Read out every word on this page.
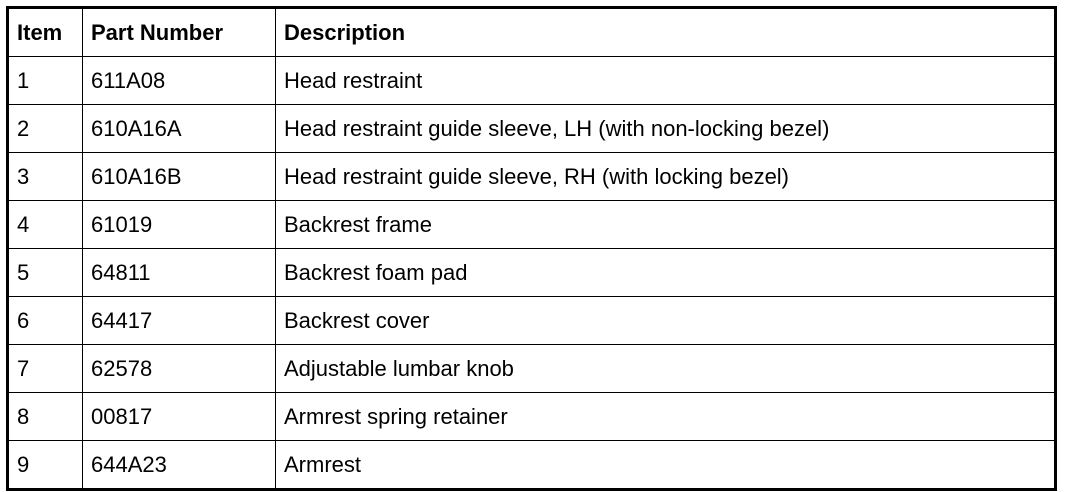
Item	Part Number	Description
1	611A08	Head restraint
2	610A16A	Head restraint guide sleeve, LH (with non-locking bezel)
3	610A16B	Head restraint guide sleeve, RH (with locking bezel)
4	61019	Backrest frame
5	64811	Backrest foam pad
6	64417	Backrest cover
7	62578	Adjustable lumbar knob
8	00817	Armrest spring retainer
9	644A23	Armrest
